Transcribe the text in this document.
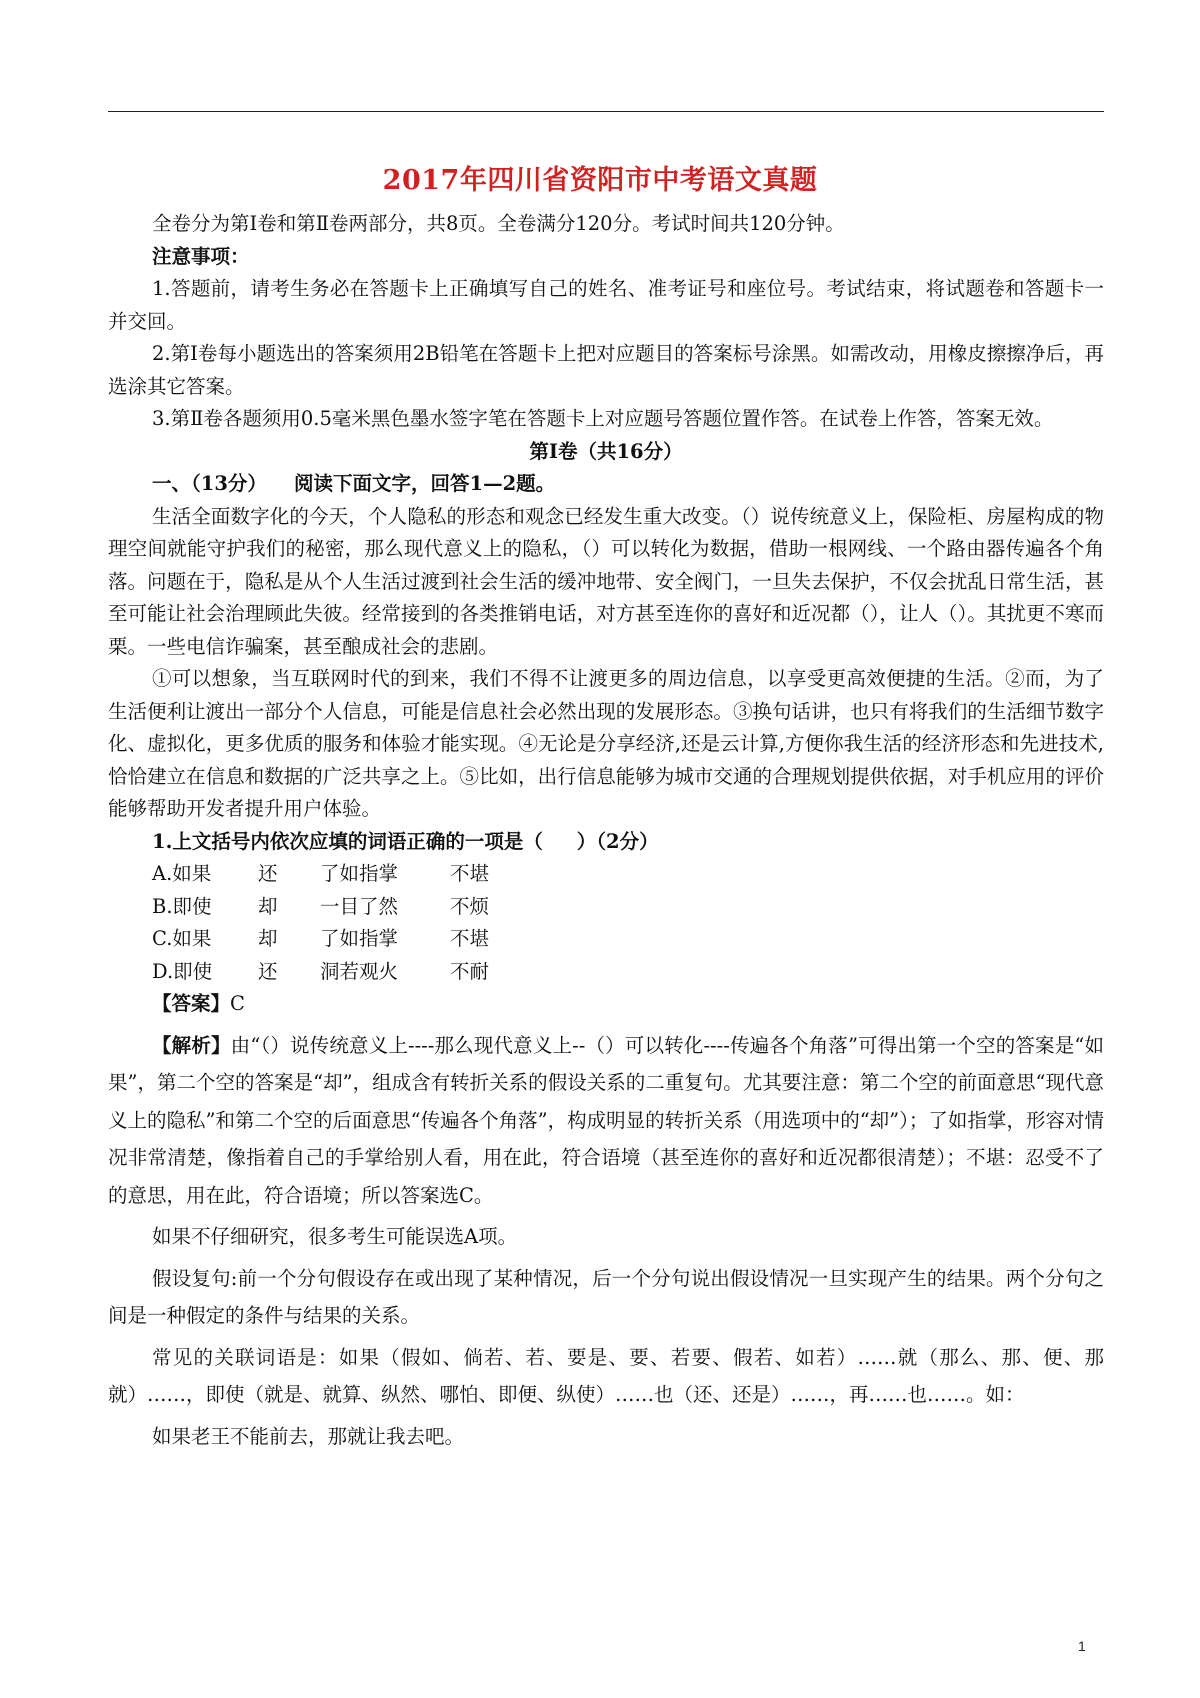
2017年四川省资阳市中考语文真题

全卷分为第Ⅰ卷和第Ⅱ卷两部分，共8页。全卷满分120分。考试时间共120分钟。

注意事项：

1.答题前，请考生务必在答题卡上正确填写自己的姓名、准考证号和座位号。考试结束，将试题卷和答题卡一并交回。

2.第Ⅰ卷每小题选出的答案须用2B铅笔在答题卡上把对应题目的答案标号涂黑。如需改动，用橡皮擦擦净后，再选涂其它答案。

3.第Ⅱ卷各题须用0.5毫米黑色墨水签字笔在答题卡上对应题号答题位置作答。在试卷上作答，答案无效。

第Ⅰ卷（共16分）

一、（13分）    阅读下面文字，回答1—2题。

生活全面数字化的今天，个人隐私的形态和观念已经发生重大改变。（）说传统意义上，保险柜、房屋构成的物理空间就能守护我们的秘密，那么现代意义上的隐私，（）可以转化为数据，借助一根网线、一个路由器传遍各个角落。问题在于，隐私是从个人生活过渡到社会生活的缓冲地带、安全阀门，一旦失去保护，不仅会扰乱日常生活，甚至可能让社会治理顾此失彼。经常接到的各类推销电话，对方甚至连你的喜好和近况都（），让人（）。其扰更不寒而栗。一些电信诈骗案，甚至酿成社会的悲剧。

①可以想象，当互联网时代的到来，我们不得不让渡更多的周边信息，以享受更高效便捷的生活。②而，为了生活便利让渡出一部分个人信息，可能是信息社会必然出现的发展形态。③换句话讲，也只有将我们的生活细节数字化、虚拟化，更多优质的服务和体验才能实现。④无论是分享经济,还是云计算,方便你我生活的经济形态和先进技术,恰恰建立在信息和数据的广泛共享之上。⑤比如，出行信息能够为城市交通的合理规划提供依据，对手机应用的评价能够帮助开发者提升用户体验。

1.上文括号内依次应填的词语正确的一项是（     ）（2分）

A.如果	还	了如指掌	不堪
B.即使	却	一目了然	不烦
C.如果	却	了如指掌	不堪
D.即使	还	洞若观火	不耐

【答案】C

【解析】由“（）说传统意义上----那么现代意义上--（）可以转化----传遍各个角落”可得出第一个空的答案是“如果”，第二个空的答案是“却”，组成含有转折关系的假设关系的二重复句。尤其要注意：第二个空的前面意思“现代意义上的隐私”和第二个空的后面意思“传遍各个角落”，构成明显的转折关系（用选项中的“却”）；了如指掌，形容对情况非常清楚，像指着自己的手掌给别人看，用在此，符合语境（甚至连你的喜好和近况都很清楚）；不堪：忍受不了的意思，用在此，符合语境；所以答案选C。

如果不仔细研究，很多考生可能误选A项。

假设复句:前一个分句假设存在或出现了某种情况，后一个分句说出假设情况一旦实现产生的结果。两个分句之间是一种假定的条件与结果的关系。

常见的关联词语是：如果（假如、倘若、若、要是、要、若要、假若、如若）……就（那么、那、便、那就）……，即使（就是、就算、纵然、哪怕、即便、纵使）……也（还、还是）……，再……也……。如：

如果老王不能前去，那就让我去吧。

1
